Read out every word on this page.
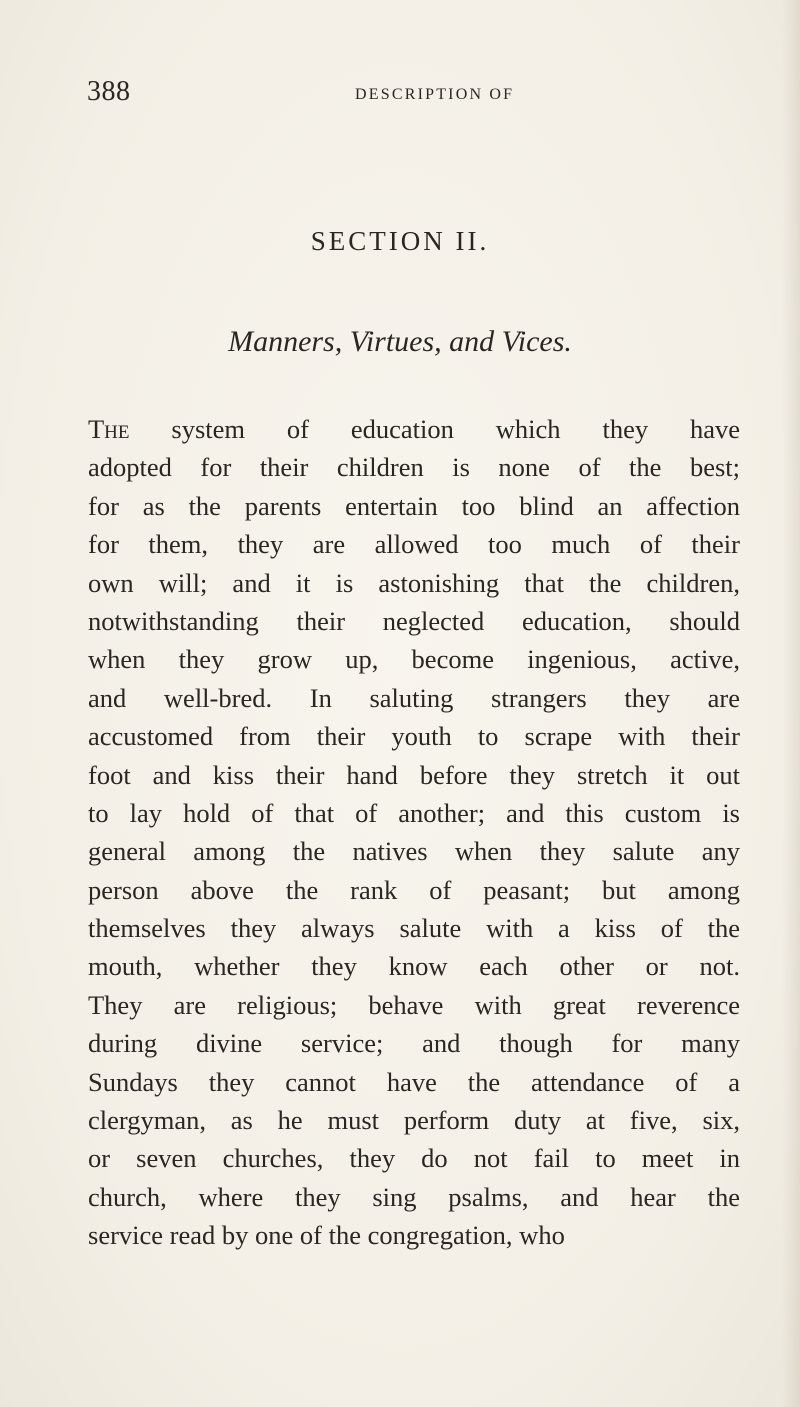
388	DESCRIPTION OF
SECTION II.
Manners, Virtues, and Vices.
The system of education which they have
adopted for their children is none of the best;
for as the parents entertain too blind an affection
for them, they are allowed too much of their
own will; and it is astonishing that the children,
notwithstanding their neglected education, should
when they grow up, become ingenious, active,
and well-bred. In saluting strangers they are
accustomed from their youth to scrape with their
foot and kiss their hand before they stretch it out
to lay hold of that of another; and this custom is
general among the natives when they salute any
person above the rank of peasant; but among
themselves they always salute with a kiss of the
mouth, whether they know each other or not.
They are religious; behave with great reverence
during divine service; and though for many
Sundays they cannot have the attendance of a
clergyman, as he must perform duty at five, six,
or seven churches, they do not fail to meet in
church, where they sing psalms, and hear the
service read by one of the congregation, who
